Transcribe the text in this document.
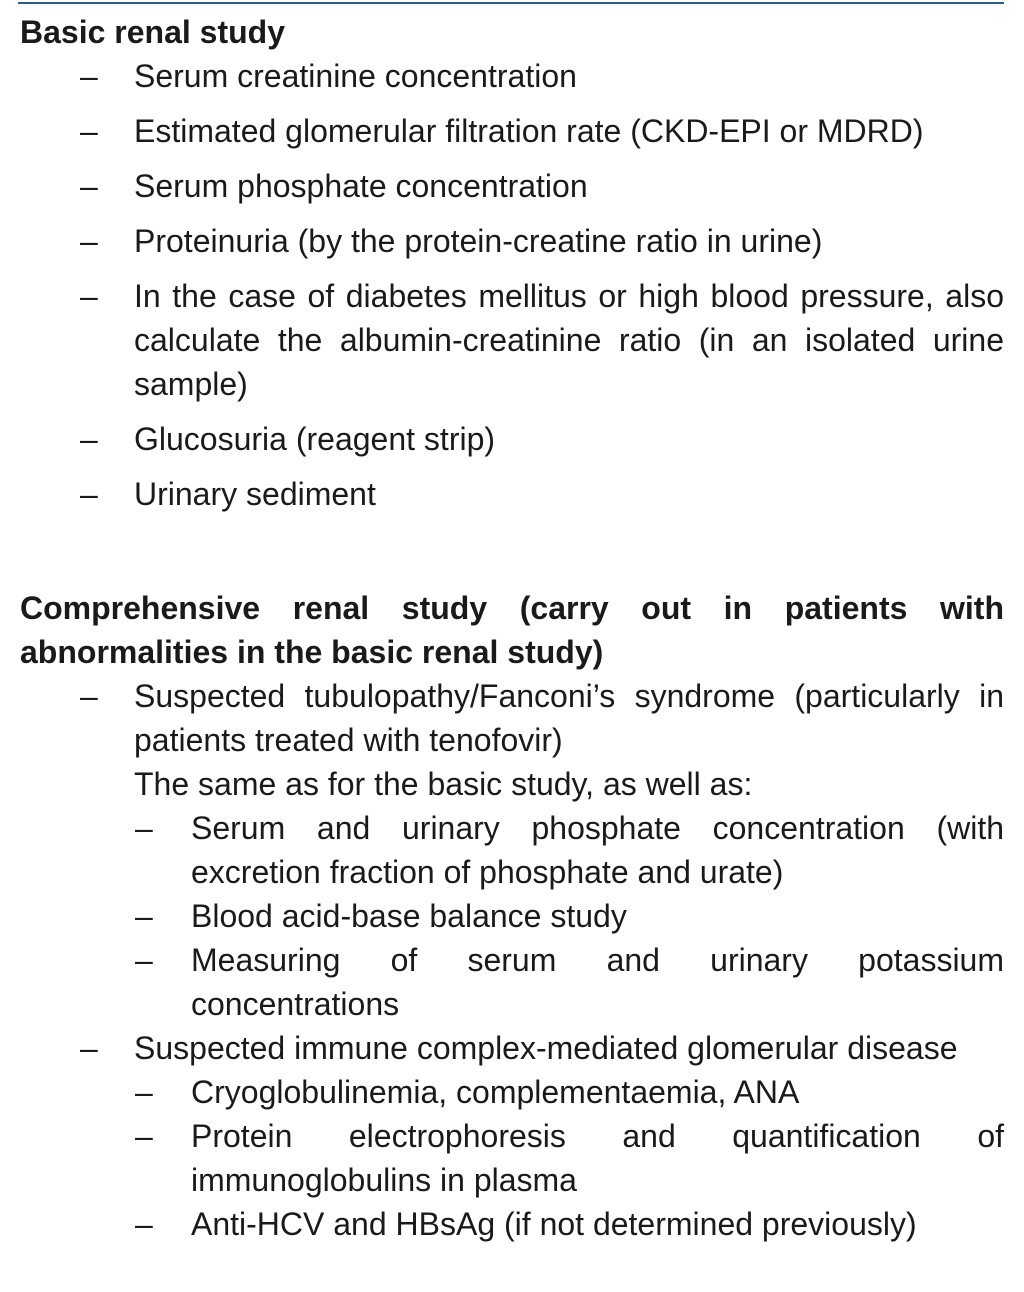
Basic renal study
–	Serum creatinine concentration
–	Estimated glomerular filtration rate (CKD-EPI or MDRD)
–	Serum phosphate concentration
–	Proteinuria (by the protein-creatine ratio in urine)
–	In the case of diabetes mellitus or high blood pressure, also calculate the albumin-creatinine ratio (in an isolated urine sample)
–	Glucosuria (reagent strip)
–	Urinary sediment
Comprehensive renal study (carry out in patients with abnormalities in the basic renal study)
–	Suspected tubulopathy/Fanconi’s syndrome (particularly in patients treated with tenofovir)
The same as for the basic study, as well as:
–	Serum and urinary phosphate concentration (with excretion fraction of phosphate and urate)
–	Blood acid-base balance study
–	Measuring of serum and urinary potassium concentrations
–	Suspected immune complex-mediated glomerular disease
–	Cryoglobulinemia, complementaemia, ANA
–	Protein electrophoresis and quantification of immunoglobulins in plasma
–	Anti-HCV and HBsAg (if not determined previously)
